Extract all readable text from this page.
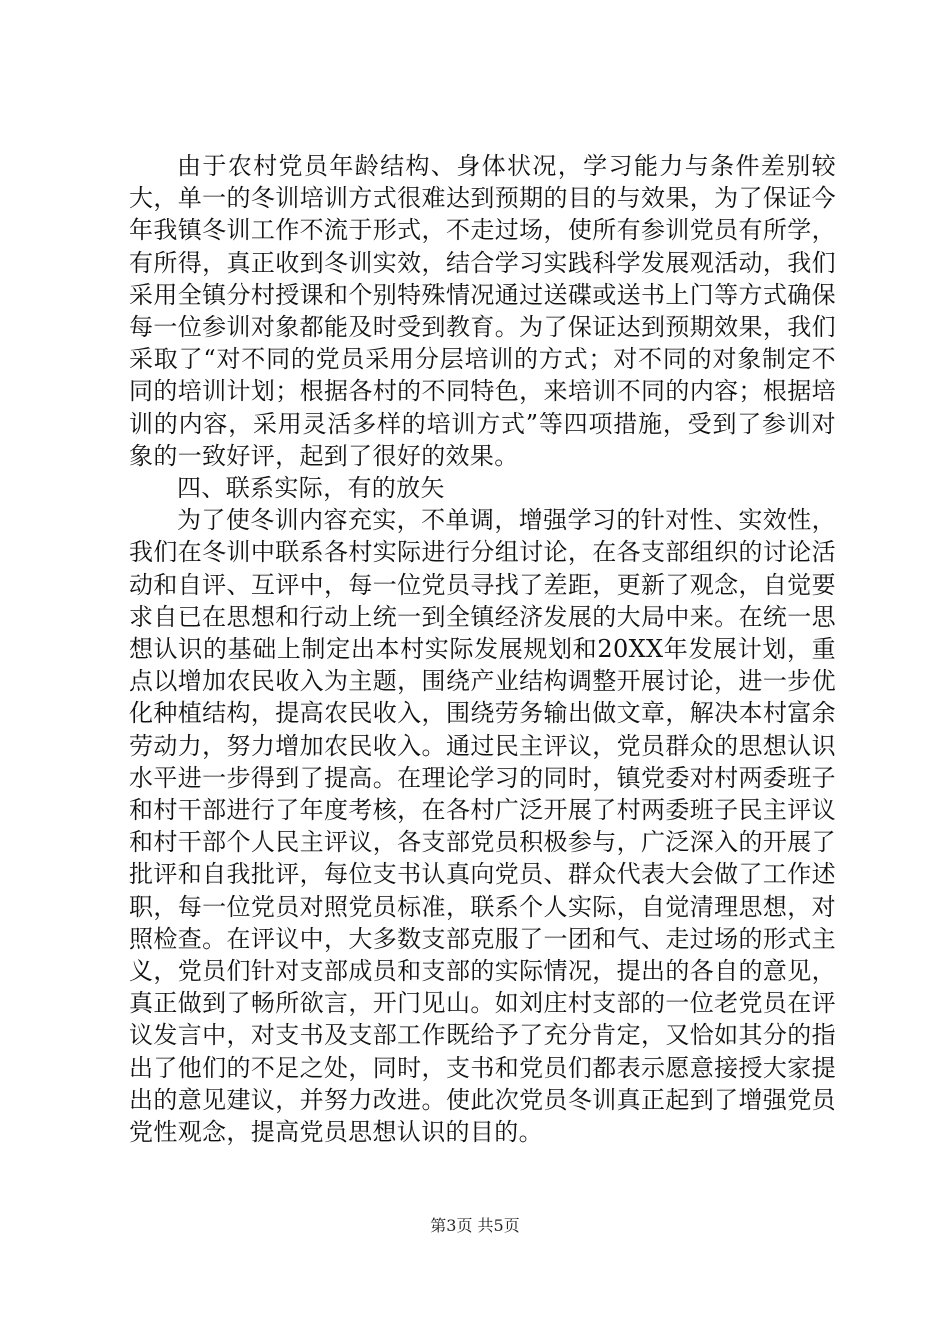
由于农村党员年龄结构、身体状况，学习能力与条件差别较大，单一的冬训培训方式很难达到预期的目的与效果，为了保证今年我镇冬训工作不流于形式，不走过场，使所有参训党员有所学，有所得，真正收到冬训实效，结合学习实践科学发展观活动，我们采用全镇分村授课和个别特殊情况通过送碟或送书上门等方式确保每一位参训对象都能及时受到教育。为了保证达到预期效果，我们采取了“对不同的党员采用分层培训的方式；对不同的对象制定不同的培训计划；根据各村的不同特色，来培训不同的内容；根据培训的内容，采用灵活多样的培训方式”等四项措施，受到了参训对象的一致好评，起到了很好的效果。

四、联系实际，有的放矢

为了使冬训内容充实，不单调，增强学习的针对性、实效性，我们在冬训中联系各村实际进行分组讨论，在各支部组织的讨论活动和自评、互评中，每一位党员寻找了差距，更新了观念，自觉要求自已在思想和行动上统一到全镇经济发展的大局中来。在统一思想认识的基础上制定出本村实际发展规划和20XX年发展计划，重点以增加农民收入为主题，围绕产业结构调整开展讨论，进一步优化种植结构，提高农民收入，围绕劳务输出做文章，解决本村富余劳动力，努力增加农民收入。通过民主评议，党员群众的思想认识水平进一步得到了提高。在理论学习的同时，镇党委对村两委班子和村干部进行了年度考核，在各村广泛开展了村两委班子民主评议和村干部个人民主评议，各支部党员积极参与，广泛深入的开展了批评和自我批评，每位支书认真向党员、群众代表大会做了工作述职，每一位党员对照党员标准，联系个人实际，自觉清理思想，对照检查。在评议中，大多数支部克服了一团和气、走过场的形式主义，党员们针对支部成员和支部的实际情况，提出的各自的意见，真正做到了畅所欲言，开门见山。如刘庄村支部的一位老党员在评议发言中，对支书及支部工作既给予了充分肯定，又恰如其分的指出了他们的不足之处，同时，支书和党员们都表示愿意接授大家提出的意见建议，并努力改进。使此次党员冬训真正起到了增强党员党性观念，提高党员思想认识的目的。

第3页 共5页
